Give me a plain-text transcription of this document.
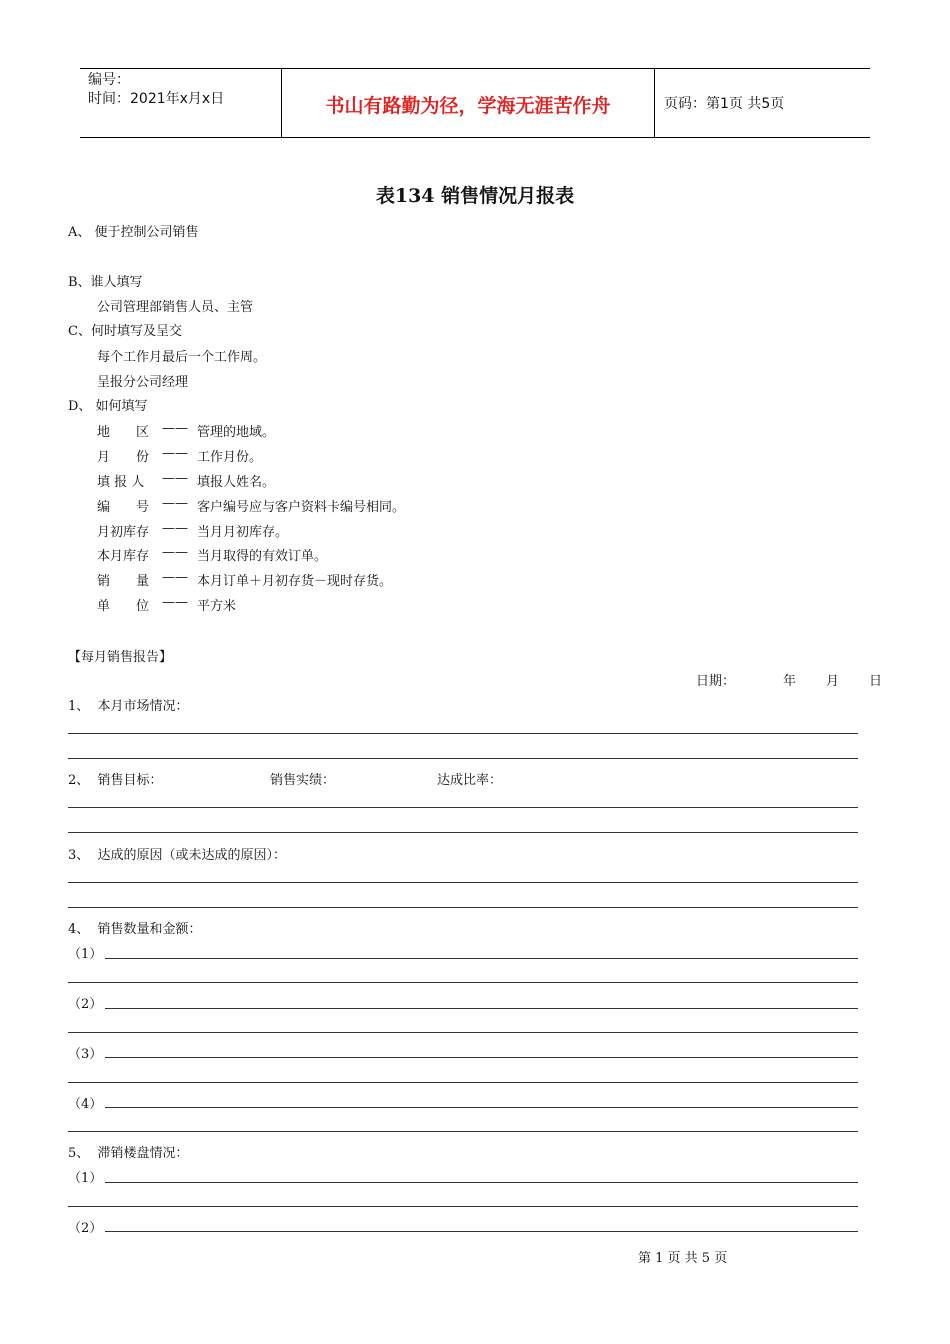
编号：
时间：2021年x月x日	书山有路勤为径，学海无涯苦作舟	页码：第1页 共5页
表134 销售情况月报表
A、 便于控制公司销售
B、谁人填写
公司管理部销售人员、主管
C、何时填写及呈交
每个工作月最后一个工作周。
呈报分公司经理
D、 如何填写
地　　区 —— 管理的地域。
月　　份 —— 工作月份。
填 报 人 —— 填报人姓名。
编　　号 —— 客户编号应与客户资料卡编号相同。
月初库存 —— 当月月初库存。
本月库存 —— 当月取得的有效订单。
销　　量 —— 本月订单＋月初存货－现时存货。
单　　位 —— 平方米
【每月销售报告】
日期：	年 月 日
1、  本月市场情况：
2、  销售目标：	销售实绩：	达成比率：
3、  达成的原因（或未达成的原因）：
4、  销售数量和金额：
（1）
（2）
（3）
（4）
5、  滞销楼盘情况：
（1）
（2）
第 1 页 共 5 页
